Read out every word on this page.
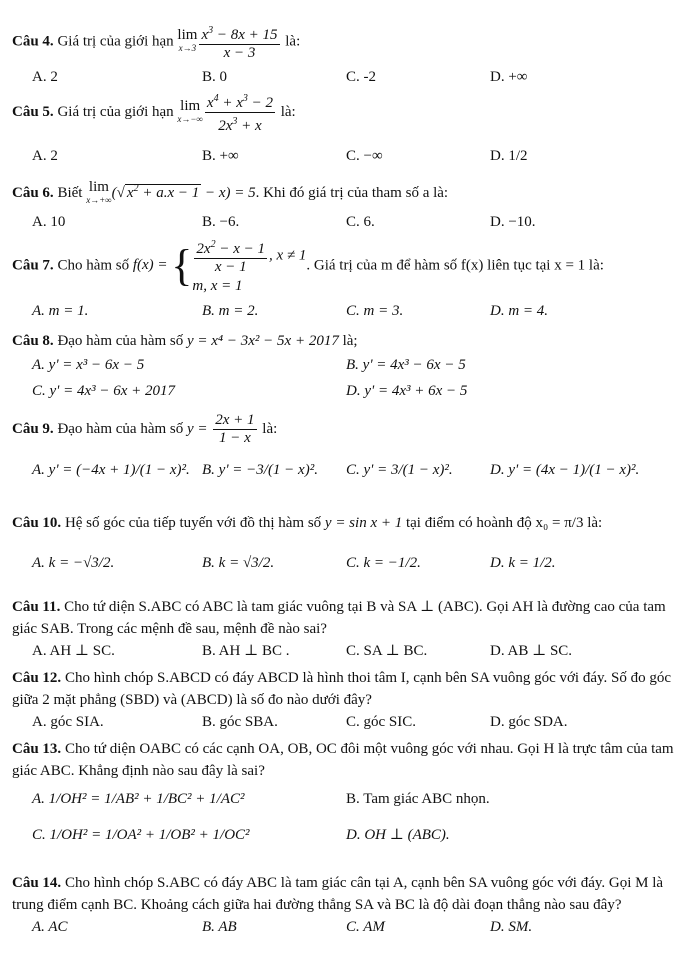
Câu 4. Giá trị của giới hạn lim
$x\to 3 \frac{x^3 - 8x + 15}{x - 3}$ là:
A. 2	B. 0	C. -2	D. +∞
Câu 5. Giá trị của giới hạn lim
$x\to-\infty \frac{x^4 + x^3 - 2}{2x^3 + x}$ là:
A. 2	B. +∞	C. −∞	D. 1/2
Câu 6. Biết lim
x→+∞ (√ $x^2 + a.x - 1 - x) = 5$. Khi đó giá trị của tham số a là:
A. 10	B. −6.	C. 6.	D. −10.
Câu 7. Cho hàm số f(x) = { $\frac{2x^2 - x - 1}{x - 1}$ , x ≠ 1
m, x = 1. Giá trị của m để hàm số f(x) liên tục tại x = 1 là:
A. m = 1.	B. m = 2.	C. m = 3.	D. m = 4.
Câu 8. Đạo hàm của hàm số y = x⁴ − 3x² − 5x + 2017 là;
A. y' = x³ − 6x − 5	B. y' = 4x³ − 6x − 5
C. y' = 4x³ − 6x + 2017	D. y' = 4x³ + 6x − 5
Câu 9. Đạo hàm của hàm số $y = \frac{2x + 1}{1 - x}$ là:
A. y' = (−4x + 1)/(1 − x)². B. y' = −3/(1 − x)². C. y' = 3/(1 − x)². D. y' = (4x − 1)/(1 − x)².
Câu 10. Hệ số góc của tiếp tuyến với đồ thị hàm số y = sin x + 1 tại điểm có hoành độ x₀ = π/3 là:
A. k = −√3/2.	B. k = √3/2.	C. k = −1/2.	D. k = 1/2.
Câu 11. Cho tứ diện S.ABC có ABC là tam giác vuông tại B và SA ⊥ (ABC). Gọi AH là đường cao của tam giác SAB. Trong các mệnh đề sau, mệnh đề nào sai?
A. AH ⊥ SC.	B. AH ⊥ BC .	C. SA ⊥ BC.	D. AB ⊥ SC.
Câu 12. Cho hình chóp S.ABCD có đáy ABCD là hình thoi tâm I, cạnh bên SA vuông góc với đáy. Số đo góc giữa 2 mặt phẳng (SBD) và (ABCD) là số đo nào dưới đây?
A. góc SIA.	B. góc SBA.	C. góc SIC.	D. góc SDA.
Câu 13. Cho tứ diện OABC có các cạnh OA, OB, OC đôi một vuông góc với nhau. Gọi H là trực tâm của tam giác ABC. Khẳng định nào sau đây là sai?
A. 1/OH² = 1/AB² + 1/BC² + 1/AC²	B. Tam giác ABC nhọn.
C. 1/OH² = 1/OA² + 1/OB² + 1/OC²	D. OH ⊥ (ABC).
Câu 14. Cho hình chóp S.ABC có đáy ABC là tam giác cân tại A, cạnh bên SA vuông góc với đáy. Gọi M là trung điểm cạnh BC. Khoảng cách giữa hai đường thẳng SA và BC là độ dài đoạn thẳng nào sau đây?
A. AC	B. AB	C. AM	D. SM.
